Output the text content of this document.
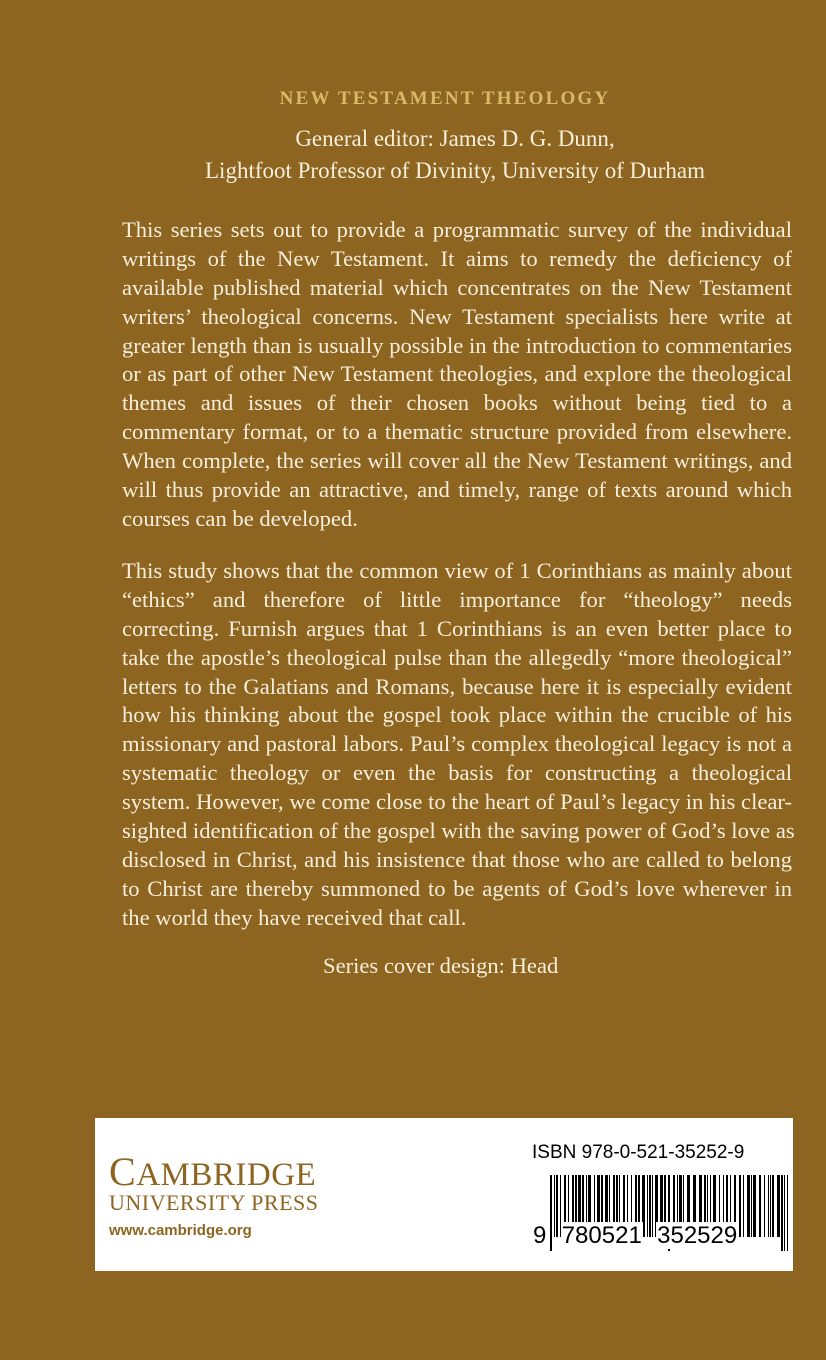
NEW TESTAMENT THEOLOGY
General editor: James D. G. Dunn,
Lightfoot Professor of Divinity, University of Durham
This series sets out to provide a programmatic survey of the individual
writings of the New Testament. It aims to remedy the deficiency of
available published material which concentrates on the New Testament
writers’ theological concerns. New Testament specialists here write at
greater length than is usually possible in the introduction to commentaries
or as part of other New Testament theologies, and explore the theological
themes and issues of their chosen books without being tied to a
commentary format, or to a thematic structure provided from elsewhere.
When complete, the series will cover all the New Testament writings, and
will thus provide an attractive, and timely, range of texts around which
courses can be developed.
This study shows that the common view of 1 Corinthians as mainly about
“ethics” and therefore of little importance for “theology” needs
correcting. Furnish argues that 1 Corinthians is an even better place to
take the apostle’s theological pulse than the allegedly “more theological”
letters to the Galatians and Romans, because here it is especially evident
how his thinking about the gospel took place within the crucible of his
missionary and pastoral labors. Paul’s complex theological legacy is not a
systematic theology or even the basis for constructing a theological
system. However, we come close to the heart of Paul’s legacy in his clear-
sighted identification of the gospel with the saving power of God’s love as
disclosed in Christ, and his insistence that those who are called to belong
to Christ are thereby summoned to be agents of God’s love wherever in
the world they have received that call.
Series cover design: Head
CAMBRIDGE
UNIVERSITY PRESS
www.cambridge.org
ISBN 978-0-521-35252-9
9 780521 352529
